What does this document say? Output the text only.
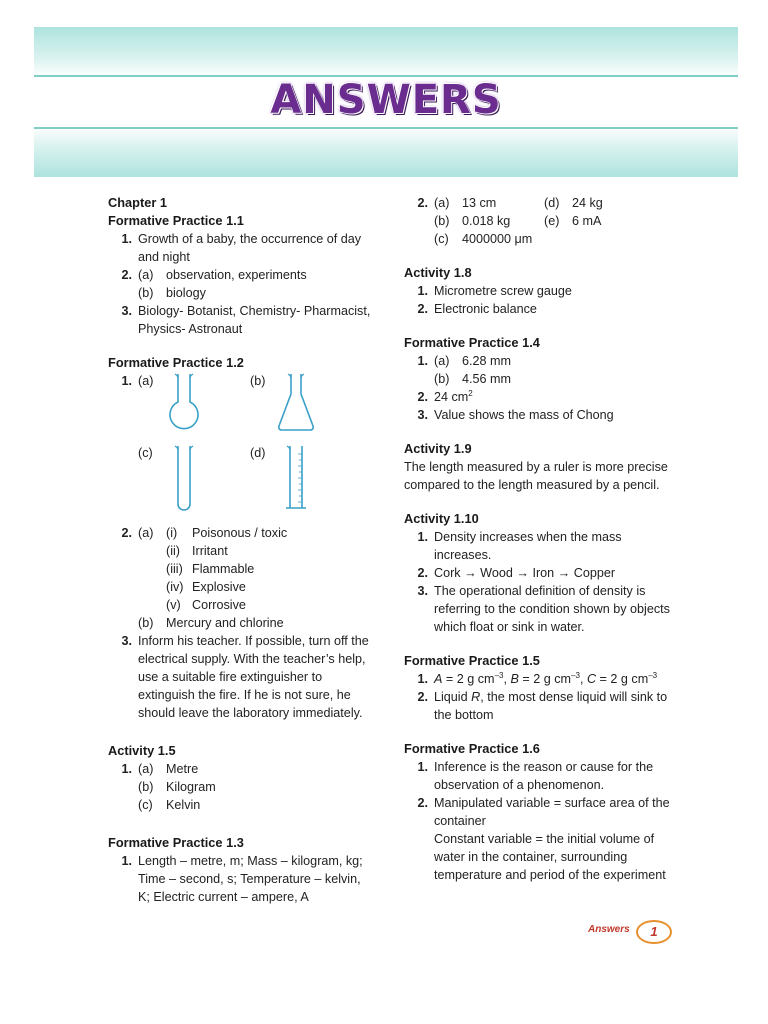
ANSWERS
Chapter 1
Formative Practice 1.1
1. Growth of a baby, the occurrence of day and night
2. (a) observation, experiments
(b) biology
3. Biology- Botanist, Chemistry- Pharmacist, Physics- Astronaut
Formative Practice 1.2
1. (a)	(b)
(c)	(d)
2. (a) (i)	Poisonous / toxic
(ii) Irritant
(iii) Flammable
(iv) Explosive
(v) Corrosive
(b) Mercury and chlorine
3. Inform his teacher. If possible, turn off the electrical supply. With the teacher’s help, use a suitable fire extinguisher to extinguish the fire. If he is not sure, he should leave the laboratory immediately.
Activity 1.5
1. (a) Metre
(b) Kilogram
(c)	Kelvin
Formative Practice 1.3
1. Length – metre, m; Mass – kilogram, kg; Time – second, s; Temperature – kelvin, K; Electric current – ampere, A
2. (a) 13 cm	(d) 24 kg
(b) 0.018 kg	(e) 6 mA
(c)	4000000 μm
Activity 1.8
1. Micrometre screw gauge
2. Electronic balance
Formative Practice 1.4
1. (a) 6.28 mm
(b) 4.56 mm
2. 24 $cm^2$
3. Value shows the mass of Chong
Activity 1.9
The length measured by a ruler is more precise compared to the length measured by a pencil.
Activity 1.10
1. Density increases when the mass increases.
2. Cork → Wood → Iron → Copper
3. The operational definition of density is referring to the condition shown by objects which float or sink in water.
Formative Practice 1.5
1. A = 2 g $cm^{-3}$, B = 2 g $cm^{-3}$, C = 2 g $cm^{-3}$
2. Liquid R, the most dense liquid will sink to the bottom
Formative Practice 1.6
1. Inference is the reason or cause for the observation of a phenomenon.
2. Manipulated variable = surface area of the container
Constant variable = the initial volume of water in the container, surrounding temperature and period of the experiment
Answers	1
